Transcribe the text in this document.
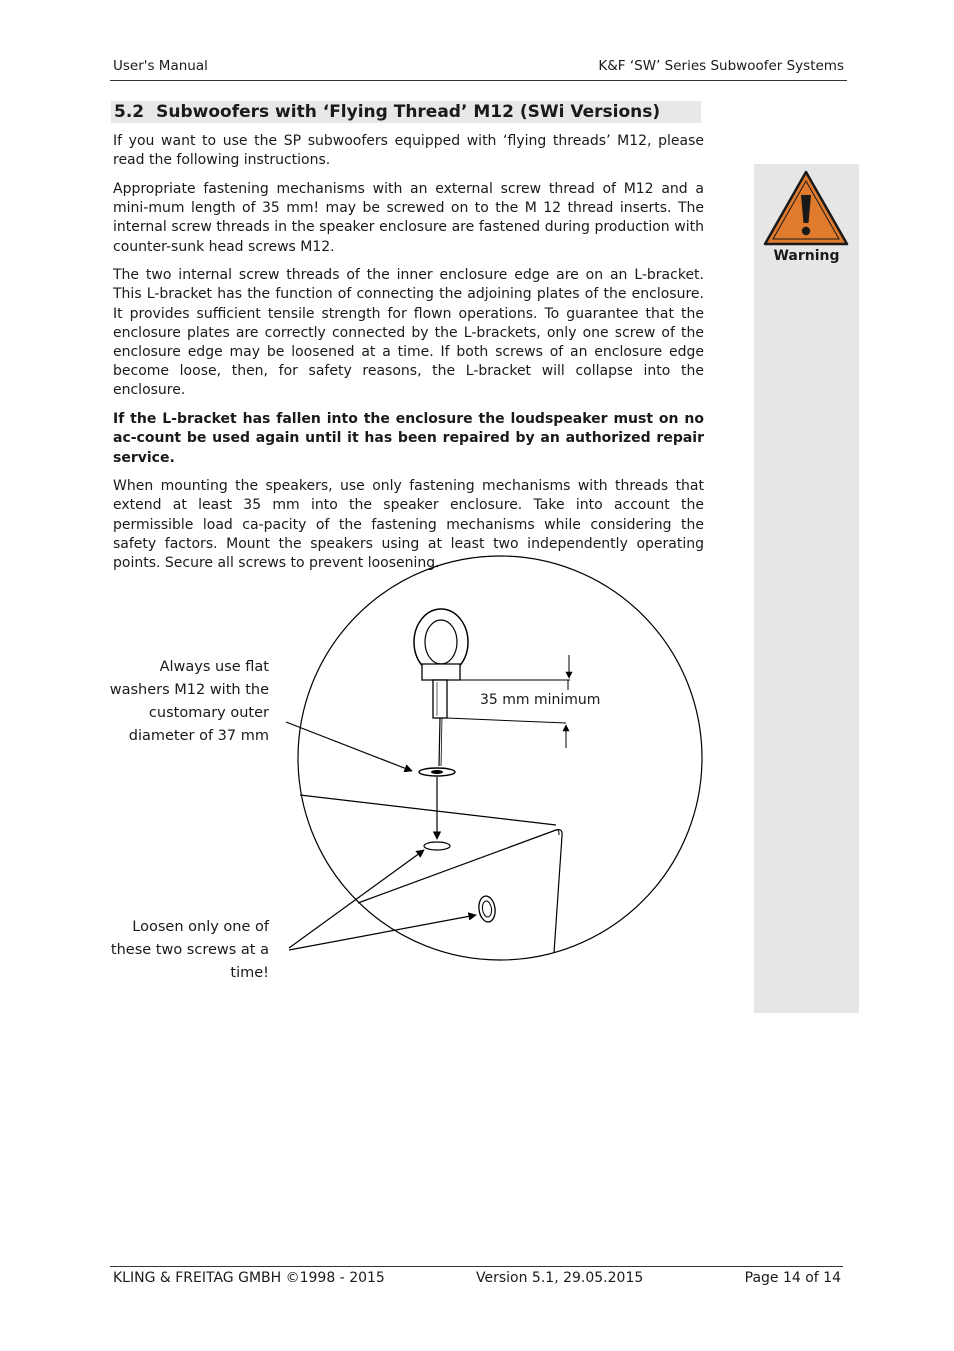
User's Manual	K&F ‘SW’ Series Subwoofer Systems
5.2 Subwoofers with ‘Flying Thread’ M12 (SWi Versions)

If you want to use the SP subwoofers equipped with ‘flying threads’ M12, please read the following instructions.

Appropriate fastening mechanisms with an external screw thread of M12 and a mini-mum length of 35 mm! may be screwed on to the M 12 thread inserts. The internal screw threads in the speaker enclosure are fastened during production with counter-sunk head screws M12.

The two internal screw threads of the inner enclosure edge are on an L-bracket. This L-bracket has the function of connecting the adjoining plates of the enclosure. It provides sufficient tensile strength for flown operations. To guarantee that the enclosure plates are correctly connected by the L-brackets, only one screw of the enclosure edge may be loosened at a time. If both screws of an enclosure edge become loose, then, for safety reasons, the L-bracket will collapse into the enclosure.

If the L-bracket has fallen into the enclosure the loudspeaker must on no ac-count be used again until it has been repaired by an authorized repair service.

When mounting the speakers, use only fastening mechanisms with threads that extend at least 35 mm into the speaker enclosure. Take into account the permissible load ca-pacity of the fastening mechanisms while considering the safety factors. Mount the speakers using at least two independently operating points. Secure all screws to prevent loosening.

Warning
Always use flat washers M12 with the customary outer diameter of 37 mm
Loosen only one of these two screws at a time!
35 mm minimum
KLING & FREITAG GMBH ©1998 - 2015	Version 5.1, 29.05.2015	Page 14 of 14
